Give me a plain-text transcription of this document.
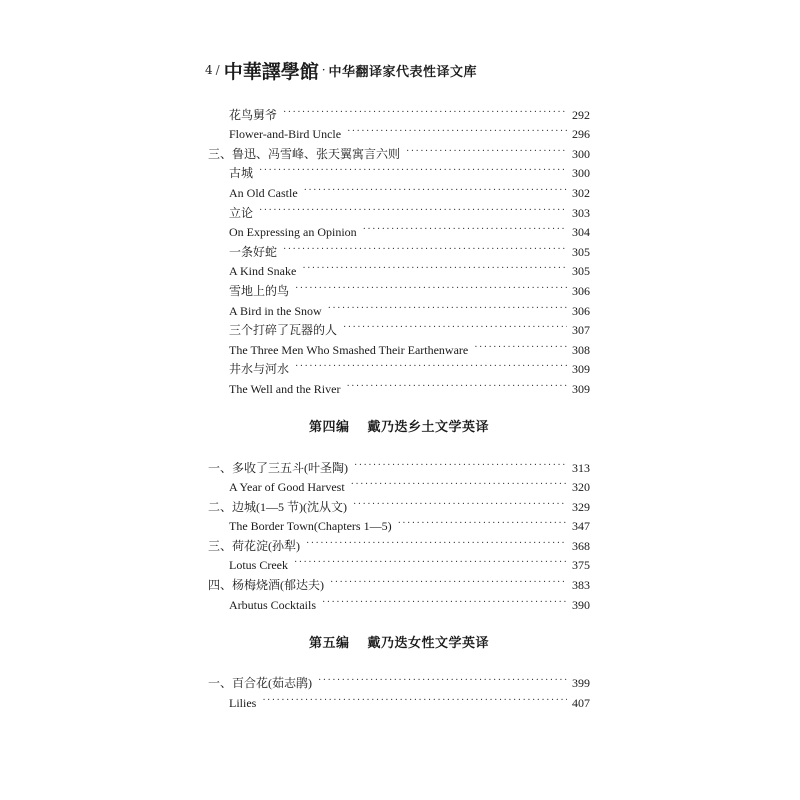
4 / 中華譯學館 · 中华翻译家代表性译文库
花鸟舅爷 ·····	292
Flower-and-Bird Uncle ·····	296
三、鲁迅、冯雪峰、张天翼寓言六则 ·····	300
古城 ·····	300
An Old Castle ·····	302
立论 ·····	303
On Expressing an Opinion ·····	304
一条好蛇 ·····	305
A Kind Snake ·····	305
雪地上的鸟 ·····	306
A Bird in the Snow ·····	306
三个打碎了瓦器的人 ·····	307
The Three Men Who Smashed Their Earthenware ·····	308
井水与河水 ·····	309
The Well and the River ·····	309
第四编 戴乃迭乡土文学英译
一、多收了三五斗(叶圣陶) ·····	313
A Year of Good Harvest ·····	320
二、边城(1—5 节)(沈从文) ·····	329
The Border Town(Chapters 1—5) ·····	347
三、荷花淀(孙犁) ·····	368
Lotus Creek ·····	375
四、杨梅烧酒(郁达夫) ·····	383
Arbutus Cocktails ·····	390
第五编 戴乃迭女性文学英译
一、百合花(茹志鹃) ·····	399
Lilies ·····	407
